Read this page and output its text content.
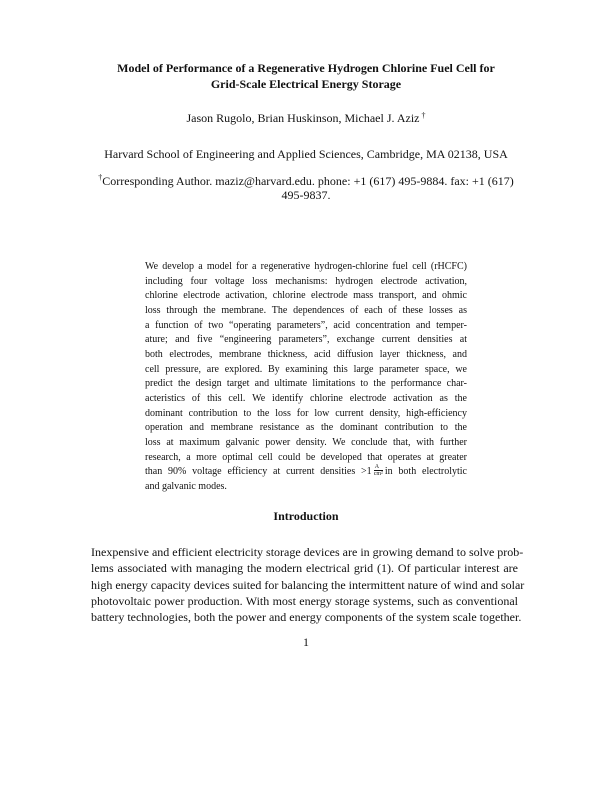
Model of Performance of a Regenerative Hydrogen Chlorine Fuel Cell for
Grid-Scale Electrical Energy Storage
Jason Rugolo, Brian Huskinson, Michael J. Aziz †
Harvard School of Engineering and Applied Sciences, Cambridge, MA 02138, USA
†Corresponding Author. maziz@harvard.edu. phone: +1 (617) 495-9884. fax: +1 (617)
495-9837.
We develop a model for a regenerative hydrogen-chlorine fuel cell (rHCFC)
including four voltage loss mechanisms: hydrogen electrode activation,
chlorine electrode activation, chlorine electrode mass transport, and ohmic
loss through the membrane. The dependences of each of these losses as
a function of two “operating parameters”, acid concentration and temper-
ature; and five “engineering parameters”, exchange current densities at
both electrodes, membrane thickness, acid diffusion layer thickness, and
cell pressure, are explored. By examining this large parameter space, we
predict the design target and ultimate limitations to the performance char-
acteristics of this cell. We identify chlorine electrode activation as the
dominant contribution to the loss for low current density, high-efficiency
operation and membrane resistance as the dominant contribution to the
loss at maximum galvanic power density. We conclude that, with further
research, a more optimal cell could be developed that operates at greater
than 90% voltage efficiency at current densities $>1 \frac{A}{\text{cm²}}$ in both electrolytic
and galvanic modes.
Introduction
Inexpensive and efficient electricity storage devices are in growing demand to solve prob-
lems associated with managing the modern electrical grid (1). Of particular interest are
high energy capacity devices suited for balancing the intermittent nature of wind and solar
photovoltaic power production. With most energy storage systems, such as conventional
battery technologies, both the power and energy components of the system scale together.
1
